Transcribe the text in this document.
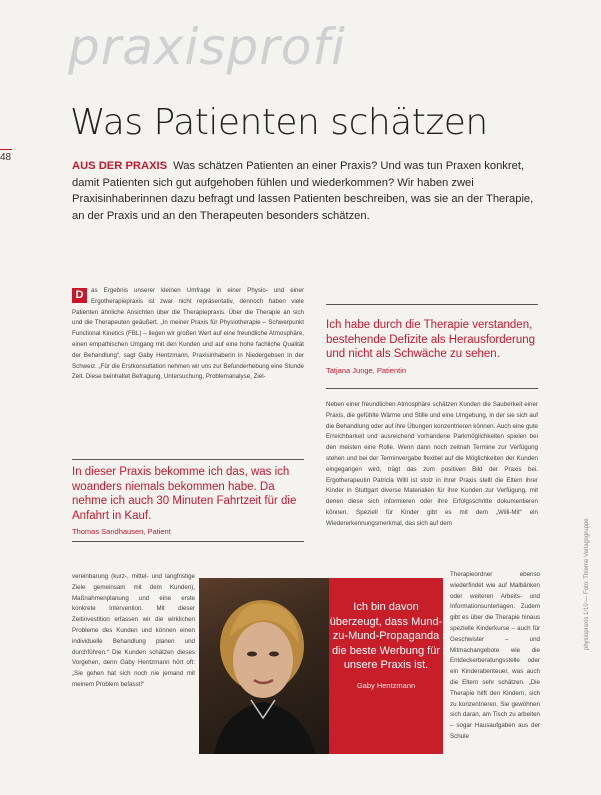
praxisprofi
Was Patienten schätzen
48
AUS DER PRAXIS Was schätzen Patienten an einer Praxis? Und was tun Praxen konkret, damit Patienten sich gut aufgehoben fühlen und wiederkommen? Wir haben zwei Praxisinhaberinnen dazu befragt und lassen Patienten beschreiben, was sie an der Therapie, an der Praxis und an den Therapeuten besonders schätzen.
D	as Ergebnis unserer kleinen Umfrage in einer Physio- und einer Ergotherapiepraxis ist zwar nicht repräsentativ, dennoch haben viele Patienten ähnliche Ansichten über die Therapiepraxis. Über die Therapie an sich und die Therapeuten geäußert. „In meiner Praxis für Physiotherapie – Schwerpunkt Functional Kinetics (FBL) – liegen wir großen Wert auf eine freundliche Atmosphäre, einen empathischen Umgang mit den Kunden und auf eine hohe fachliche Qualität der Behandlung“, sagt Gaby Hentzmann, Praxisinhaberin in Niedergebsen in der Schweiz. „Für die Erstkonsultation nehmen wir uns zur Befunderhebung eine Stunde Zeit. Diese beinhaltet Befragung, Untersuchung, Problemanalyse, Ziel-
In dieser Praxis bekomme ich das, was ich woanders niemals bekommen habe. Da nehme ich auch 30 Minuten Fahrtzeit für die Anfahrt in Kauf.
Thomas Sandhausen, Patient
vereinbarung (kurz-, mittel- und langfristige Ziele gemeinsam mit dem Kunden), Maßnahmenplanung und eine erste konkrete Intervention. Mit dieser Zeitinvestition erfassen wir die wirklichen Probleme des Kunden und können einen individuelle Behandlung planen und durchführen.“ Die Kunden schätzen dieses Vorgehen, denn Gaby Hentzmann hört oft: „Sie gehen hat sich noch nie jemand mit meinem Problem befasst!“
Ich habe durch die Therapie verstanden, bestehende Defizite als Herausforderung und nicht als Schwäche zu sehen.
Tatjana Junge, Patientin
Neben einer freundlichen Atmosphäre schätzen Kunden die Sauberkeit einer Praxis, die gefühlte Wärme und Stille und eine Umgebung, in der sie sich auf die Behandlung oder auf ihre Übungen konzentrieren können. Auch eine gute Erreichbarkeit und ausreichend vorhandene Parkmöglichkeiten spielen bei den meisten eine Rolle. Wenn dann noch zeitnah Termine zur Verfügung stehen und bei der Terminvergabe flexibel auf die Möglichkeiten der Kunden eingegangen wird, trägt das zum positiven Bild der Praxis bei. Ergotherapeutin Patricia Willi ist stolz in ihrer Praxis stellt die Eltern ihrer Kinder in Stuttgart diverse Materialien für ihre Kunden zur Verfügung, mit denen diese sich informieren oder ihre Erfolgsschritte dokumentieren können. Speziell für Kinder gibt es mit dem „Willi-Mit“ ein Wiedererkennungsmerkmal, das sich auf dem
Therapieordner ebenso wiederfindet wie auf Malbänken oder weiteren Arbeits- und Informationsunterlagen. Zudem gibt es über die Therapie hinaus spezielle Kinderkurse – auch für Geschwister – und Mitmachangebote wie die Entdeckerberatungsstelle oder ein Kinderabenteuer, was auch die Eltern sehr schätzen. „Die Therapie hilft den Kindern, sich zu konzentrieren. Sie gewöhnen sich daran, am Tisch zu arbeiten – sogar Hausaufgaben aus der Schule
Ich bin davon überzeugt, dass Mund-zu-Mund-Propaganda die beste Werbung für unsere Praxis ist.
Gaby Hentzmann
physiopraxis 1/10 — Foto: Thieme Verlagsgruppe
